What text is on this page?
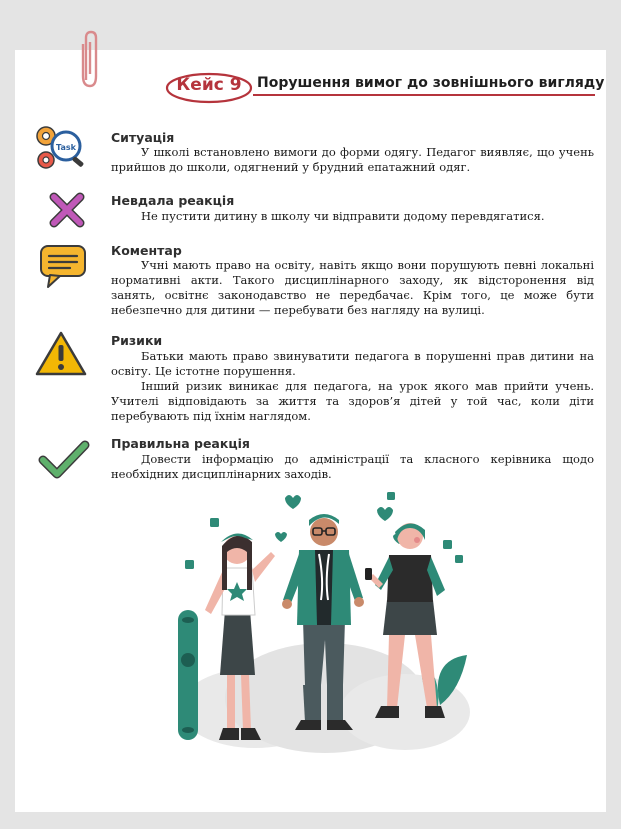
Кейс 9	Порушення вимог до зовнішнього вигляду
Task
Ситуація

У школі встановлено вимоги до форми одягу. Педагог виявляє, що учень прийшов до школи, одягнений у брудний епатажний одяг.

Невдала реакція

Не пустити дитину в школу чи відправити додому перевдягатися.

Коментар

Учні мають право на освіту, навіть якщо вони порушують певні локальні нормативні акти. Такого дисциплінарного заходу, як відсторонення від занять, освітнє законодавство не передбачає. Крім того, це може бути небезпечно для дитини — перебувати без нагляду на вулиці.

Ризики

Батьки мають право звинуватити педагога в порушенні прав дитини на освіту. Це істотне порушення.

Інший ризик виникає для педагога, на урок якого мав прийти учень. Учителі відповідають за життя та здоров’я дітей у той час, коли діти перебувають під їхнім наглядом.

Правильна реакція

Довести інформацію до адміністрації та класного керівника щодо необхідних дисциплінарних заходів.
